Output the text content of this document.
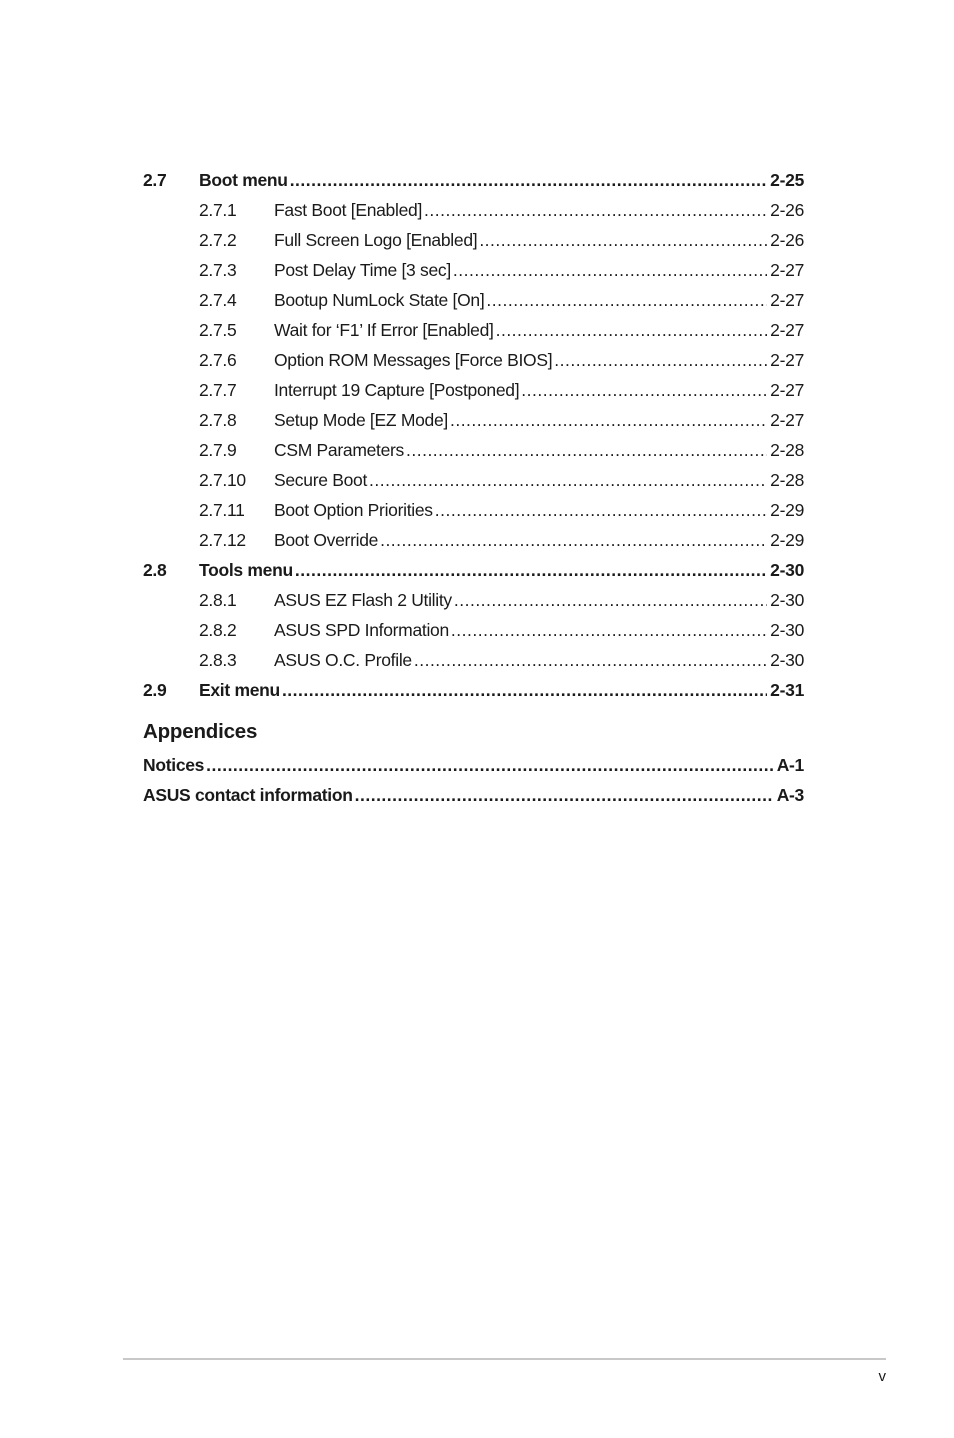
2.7 Boot menu .....	2-25
2.7.1 Fast Boot [Enabled] .....	2-26
2.7.2 Full Screen Logo [Enabled] .....	2-26
2.7.3 Post Delay Time [3 sec] .....	2-27
2.7.4 Bootup NumLock State [On] .....	2-27
2.7.5 Wait for ‘F1’ If Error [Enabled] .....	2-27
2.7.6 Option ROM Messages [Force BIOS] .....	2-27
2.7.7 Interrupt 19 Capture [Postponed] .....	2-27
2.7.8 Setup Mode [EZ Mode] .....	2-27
2.7.9 CSM Parameters .....	2-28
2.7.10 Secure Boot .....	2-28
2.7.11 Boot Option Priorities .....	2-29
2.7.12 Boot Override .....	2-29
2.8 Tools menu .....	2-30
2.8.1 ASUS EZ Flash 2 Utility .....	2-30
2.8.2 ASUS SPD Information .....	2-30
2.8.3 ASUS O.C. Profile .....	2-30
2.9 Exit menu .....	2-31
Appendices
Notices .....	A-1
ASUS contact information .....	A-3
v
